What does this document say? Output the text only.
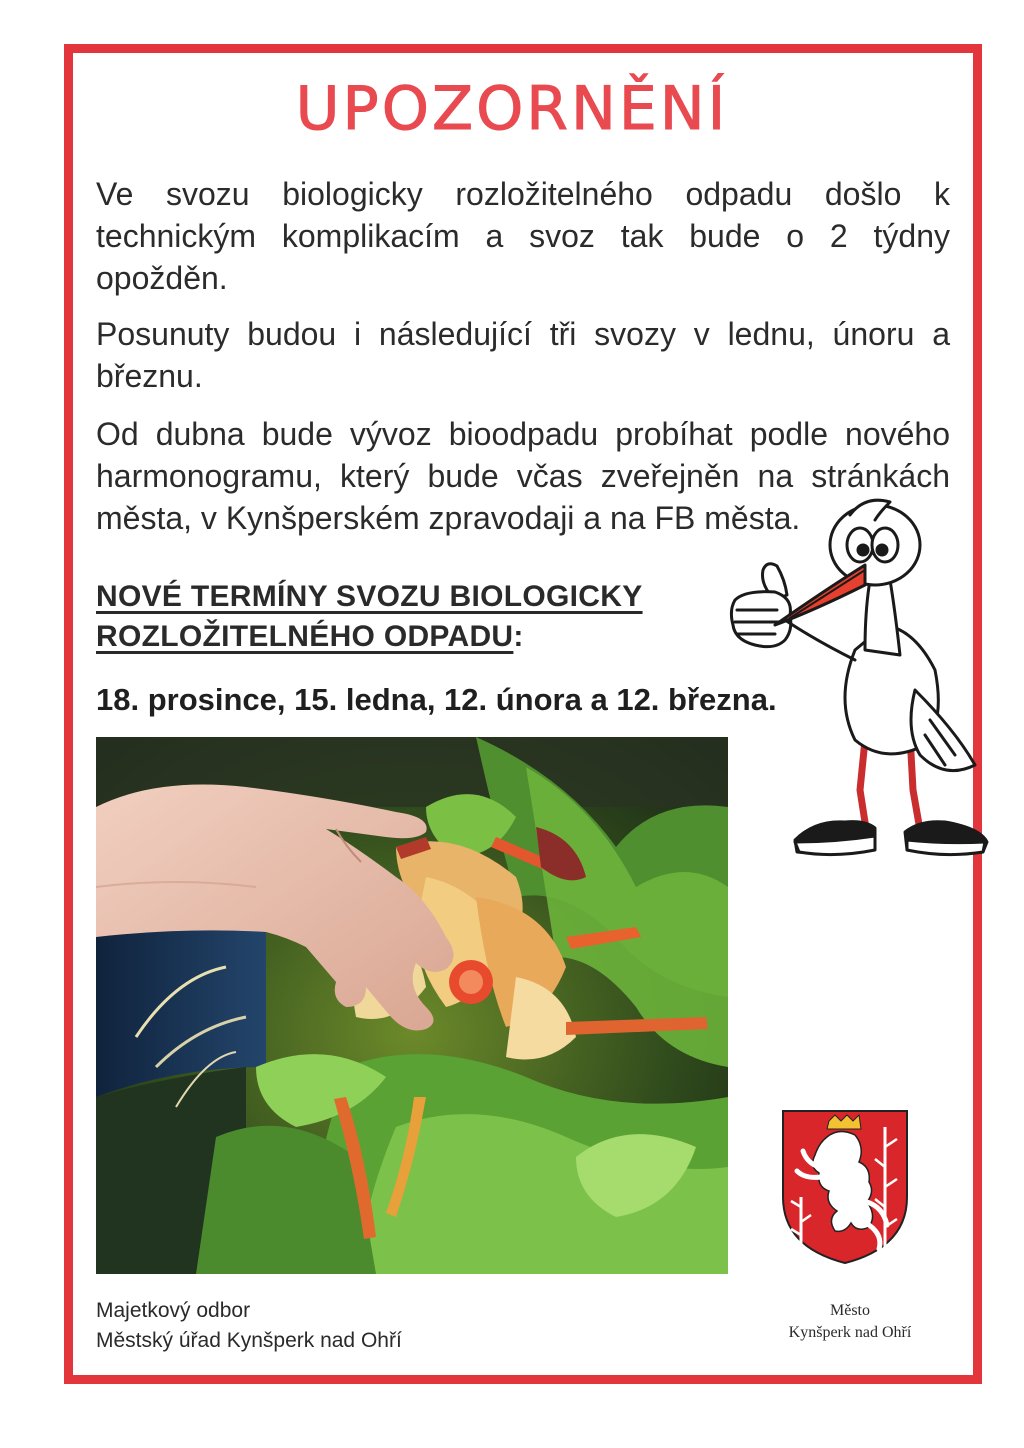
UPOZORNĚNÍ

Ve svozu biologicky rozložitelného odpadu došlo k technickým komplikacím a svoz tak bude o 2 týdny opožděn.

Posunuty budou i následující tři svozy v lednu, únoru a březnu.

Od dubna bude vývoz bioodpadu probíhat podle nového
harmonogramu, který bude včas zveřejněn na stránkách
města, v Kynšperském zpravodaji a na FB města.

NOVÉ TERMÍNY SVOZU BIOLOGICKY
ROZLOŽITELNÉHO ODPADU:
18. prosince, 15. ledna, 12. února a 12. března.
Majetkový odbor
Městský úřad Kynšperk nad Ohří
Město
Kynšperk nad Ohří
